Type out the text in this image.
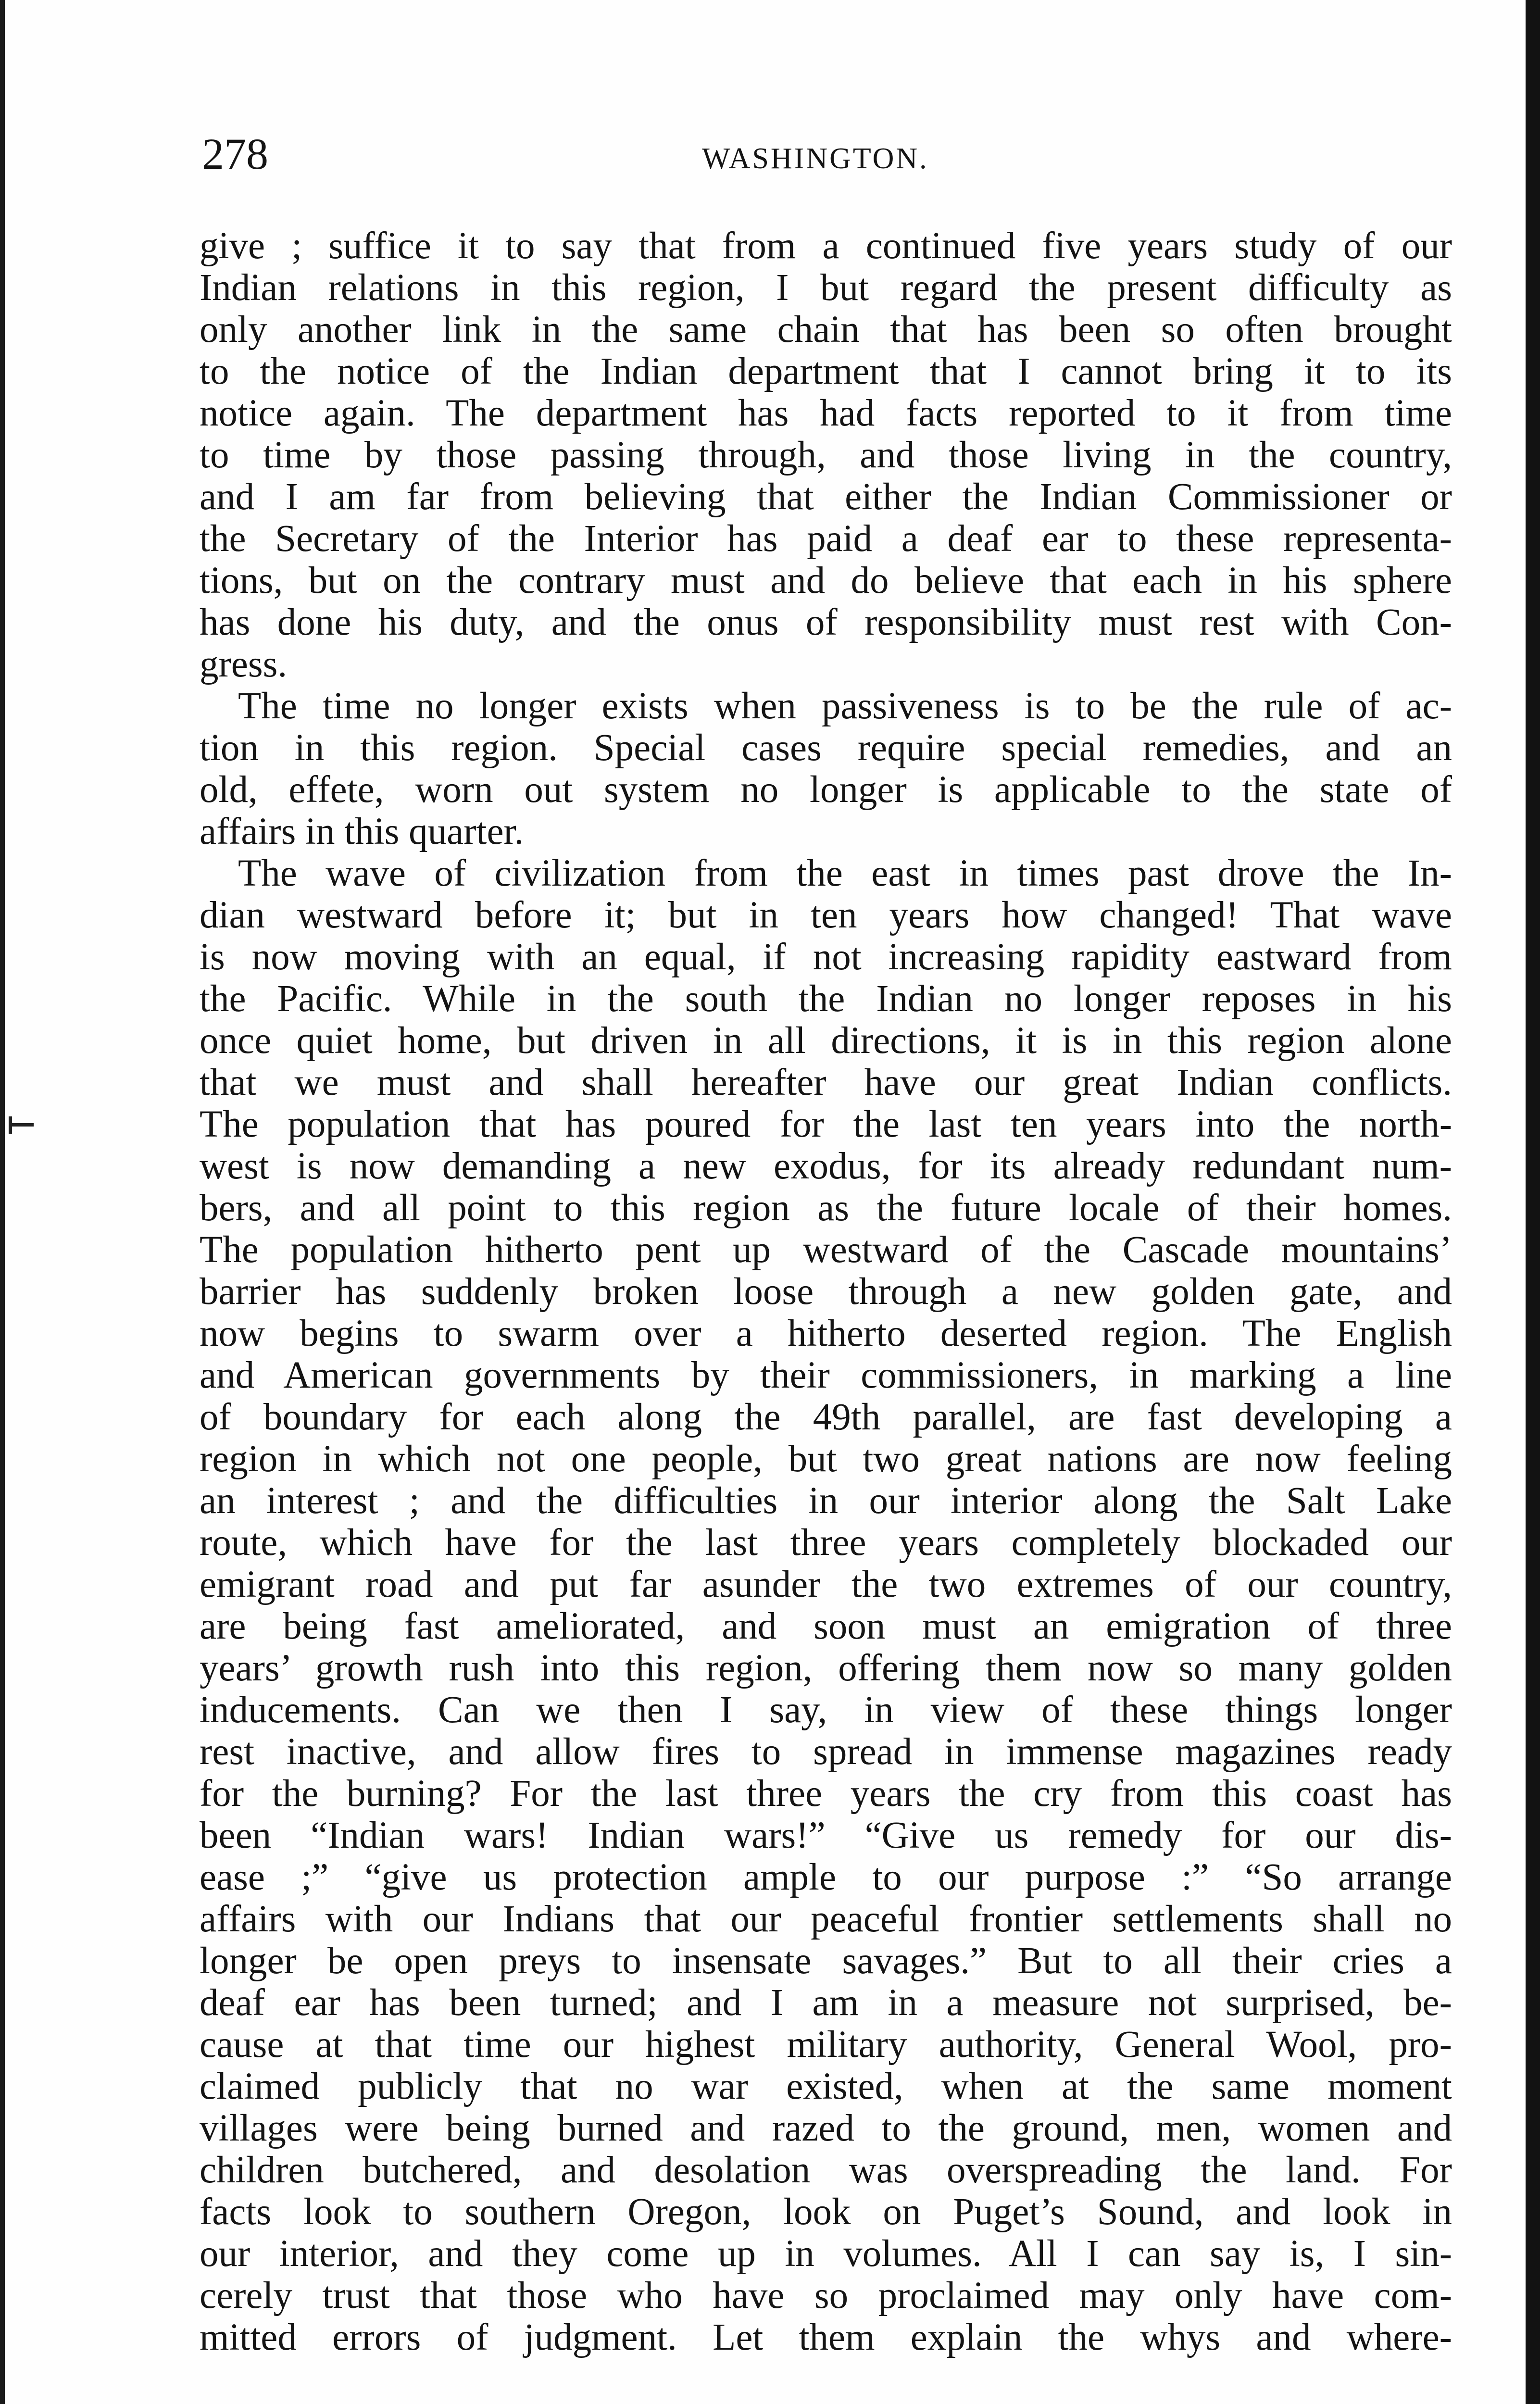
278	WASHINGTON.
give ; suffice it to say that from a continued five years study of our
Indian relations in this region, I but regard the present difficulty as
only another link in the same chain that has been so often brought
to the notice of the Indian department that I cannot bring it to its
notice again. The department has had facts reported to it from time
to time by those passing through, and those living in the country,
and I am far from believing that either the Indian Commissioner or
the Secretary of the Interior has paid a deaf ear to these representa-
tions, but on the contrary must and do believe that each in his sphere
has done his duty, and the onus of responsibility must rest with Con-
gress.
The time no longer exists when passiveness is to be the rule of ac-
tion in this region. Special cases require special remedies, and an
old, effete, worn out system no longer is applicable to the state of
affairs in this quarter.
The wave of civilization from the east in times past drove the In-
dian westward before it; but in ten years how changed! That wave
is now moving with an equal, if not increasing rapidity eastward from
the Pacific. While in the south the Indian no longer reposes in his
once quiet home, but driven in all directions, it is in this region alone
that we must and shall hereafter have our great Indian conflicts.
The population that has poured for the last ten years into the north-
west is now demanding a new exodus, for its already redundant num-
bers, and all point to this region as the future locale of their homes.
The population hitherto pent up westward of the Cascade mountains’
barrier has suddenly broken loose through a new golden gate, and
now begins to swarm over a hitherto deserted region. The English
and American governments by their commissioners, in marking a line
of boundary for each along the 49th parallel, are fast developing a
region in which not one people, but two great nations are now feeling
an interest ; and the difficulties in our interior along the Salt Lake
route, which have for the last three years completely blockaded our
emigrant road and put far asunder the two extremes of our country,
are being fast ameliorated, and soon must an emigration of three
years’ growth rush into this region, offering them now so many golden
inducements. Can we then I say, in view of these things longer
rest inactive, and allow fires to spread in immense magazines ready
for the burning? For the last three years the cry from this coast has
been “Indian wars! Indian wars!” “Give us remedy for our dis-
ease ;” “give us protection ample to our purpose :” “So arrange
affairs with our Indians that our peaceful frontier settlements shall no
longer be open preys to insensate savages.” But to all their cries a
deaf ear has been turned; and I am in a measure not surprised, be-
cause at that time our highest military authority, General Wool, pro-
claimed publicly that no war existed, when at the same moment
villages were being burned and razed to the ground, men, women and
children butchered, and desolation was overspreading the land. For
facts look to southern Oregon, look on Puget’s Sound, and look in
our interior, and they come up in volumes. All I can say is, I sin-
cerely trust that those who have so proclaimed may only have com-
mitted errors of judgment. Let them explain the whys and where-
